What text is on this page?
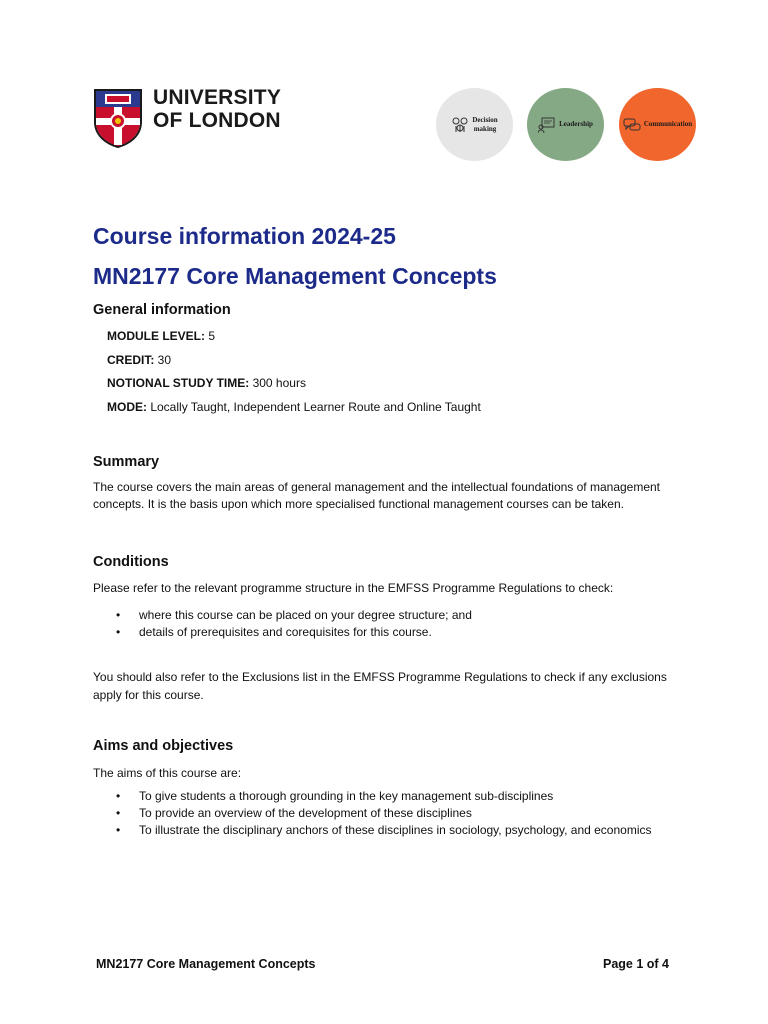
UNIVERSITY
OF LONDON	Decision
making
Leadership	Communication
Course information 2024-25
MN2177 Core Management Concepts
General information
MODULE LEVEL: 5
CREDIT: 30
NOTIONAL STUDY TIME: 300 hours
MODE: Locally Taught, Independent Learner Route and Online Taught
Summary
The course covers the main areas of general management and the intellectual foundations of management concepts. It is the basis upon which more specialised functional management courses can be taken.
Conditions
Please refer to the relevant programme structure in the EMFSS Programme Regulations to check:
• where this course can be placed on your degree structure; and
• details of prerequisites and corequisites for this course.
You should also refer to the Exclusions list in the EMFSS Programme Regulations to check if any exclusions apply for this course.
Aims and objectives
The aims of this course are:
• To give students a thorough grounding in the key management sub-disciplines
• To provide an overview of the development of these disciplines
• To illustrate the disciplinary anchors of these disciplines in sociology, psychology, and economics
MN2177 Core Management Concepts	Page 1 of 4
